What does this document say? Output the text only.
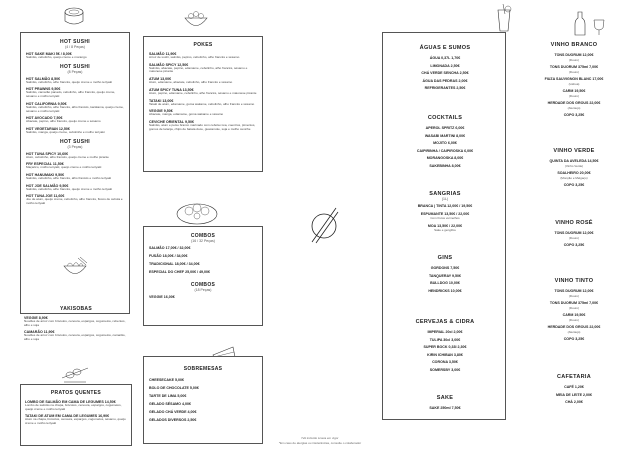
HOT SUSHI
(4 / 8 Peças)
HOT SAKE MAKI 5€ / 8,00€
Salmão, cebolinho, queijo creme e morango
HOT SUSHI
(8 Peças)
HOT SALMÃO 8,50€
Salmão, cebolinho, alho francês, queijo creme e molho teriyaki
HOT PRAWNS 9,50€
Salmão, camarão panado, cebolinho, alho francês, queijo creme, sésamo e molho teriyaki
HOT CALIFORNIA 9,50€
Salmão, cebolinho, alho francês, alho francês, kanikama, queijo creme, sésamo e molho teriyaki
HOT AVOCADO 7,50€
Abacate, pepino, alho francês, queijo creme e sésamo
HOT VEGETARIAN 12,50€
Salmão, manga, queijo creme, cebolinho e molho teriyaki
HOT SUSHI
(3 Peças)
HOT TUNA SPICY 10,60€
Atum, cebolinho, alho francês, queijo creme e molho picante
FRY ESPECIAL 11,50€
Maçarico, molho teriyaki, queijo creme e molho teriyaki
HOT HANUMAKI 9,50€
Salmão, cebolinho, alho francês, alho francês e molho teriyaki
HOT JOE SALMÃO 9,50€
Salmão, cebolinho, alho francês, queijo creme e molho teriyaki
HOT TUNA JOE 11,60€
Joe de atum, queijo creme, cebolinho, alho francês, flocos de cebola e molho teriyaki
YAKISOBAS
VEGGIE 8,90€
Noodles de arroz com brócolos, cenoura, espargos, cogumelos, rebentos, alho e soja
CAMARÃO 11,90€
Noodles de arroz com brócolos, cenoura, espargos, cogumelos, camarão, alho e soja
PRATOS QUENTES
LOMBO DE SALMÃO EM CAMA DE LEGUMES 14,50€
Lombo de salmão na chapa, brócolos, cenoura, espargos, cogumelos, queijo creme e molho teriyaki
TATAKI DE ATUM EM CAMA DE LEGUMES 16,90€
Atum na chapa, brócolos, cenoura, espargos, cogumelos, sésamo, queijo creme e molho teriyaki
POKES
SALMÃO 11,90€
Arroz de sushi, salmão, pepino, cebolinho, alho francês e sésamo
SALMÃO SPICY 12,50€
Salmão, abacate, pepino, edamame, cebolinho, alho francês, sésamo e maionese picante
ATUM 13,00€
Atum, edamame, abacate, cebolinho, alho francês e sésamo
ATUM SPICY TUNA 13,50€
Atum, pepino, edamame, cebolinho, alho francês, sésamo e maionese picante
TATAKI 13,00€
Tataki de atum, edamame, goma wakame, cebolinho, alho francês e sésamo
VEGGIE 9,50€
Abacate, manga, edamame, goma wakame e sésamo
CEVICHE ORIENTAL 9,50€
Salmão, atum e peixe branco marinado com cebola roxa, coentros, pimentos, gomos de laranja, chips de batata doce, guacamole, soja e molho ceviche
COMBOS
(16 / 32 Peças)
SALMÃO 17,00€ / 32,00€
FUSÃO 18,00€ / 34,00€
TRADICIONAL 18,00€ / 34,00€
ESPECIAL DO CHEF 25,00€ / 49,00€
COMBOS
(18 Peças)
VEGGIE 16,00€
SOBREMESAS
CHEESECAKE 5,00€
BOLO DE CHOCOLATE 5,00€
TARTE DE LIMA 5,00€
GELADO SÉSAMO 4,00€
GELADO CHÁ VERDE 4,00€
GELADOS DIVERSOS 2,50€
ÁGUAS E SUMOS
ÁGUA 0,37L 1,70€
LIMONADA 2,50€
CHÁ VERDE SENCHA 2,50€
ÁGUA DAS PEDRAS 2,00€
REFRIGERANTES 2,50€
COCKTAILS
APEROL SPRITZ 6,00€
WASABI MARTINI 8,00€
MOJITO 6,00€
CAIPIRINHA / CAIPIROSKA 6,00€
MORANGOSKA 8,00€
SAKEBINHA 8,00€
SANGRIAS
(1L)
BRANCA | TINTA 12,00€ / 19,50€
ESPUMANTE 13,50€ / 22,00€
Com frutos vermelhos
MOA 13,50€ / 22,00€
Sake e gengibre
GINS
GORDONS 7,50€
TANQUERAY 9,50€
BULLDOG 10,00€
HENDRICKS 10,00€
CERVEJAS & CIDRA
IMPERIAL 20cl 2,00€
TULIPA 30cl 3,00€
SUPER BOCK 0,33l 2,30€
KIRIN ICHIBAN 3,80€
CORONA 3,50€
SOMERSBY 3,00€
SAKE
SAKE 250ml 7,50€
VINHO BRANCO
TONS DUORUM 12,00€
(Douro)
TONS DUORUM 375ml 7,00€
(Douro)
FIUZA SAUVIGNON BLANC 17,00€
(Lisboa)
CARM 19,50€
(Douro)
HERDADE DOS GROUS 22,00€
(Alentejo)
COPO 3,25€
VINHO VERDE
QUINTA DA AVELEDA 14,50€
(Vinho Verde)
SOALHEIRO 20,00€
(Monção e Melgaço)
COPO 3,25€
VINHO ROSÉ
TONS DUORUM 12,00€
(Douro)
COPO 3,25€
VINHO TINTO
TONS DUORUM 12,00€
(Douro)
TONS DUORUM 375ml 7,00€
(Douro)
CARM 19,50€
(Douro)
HERDADE DOS GROUS 22,00€
(Alentejo)
COPO 3,25€
CAFETARIA
CAFÉ 1,20€
MEIA DE LEITE 2,00€
CHÁ 2,00€
IVA incluído à taxa em vigor
*Em caso de alergias ou intolerâncias, consulte o colaborador
